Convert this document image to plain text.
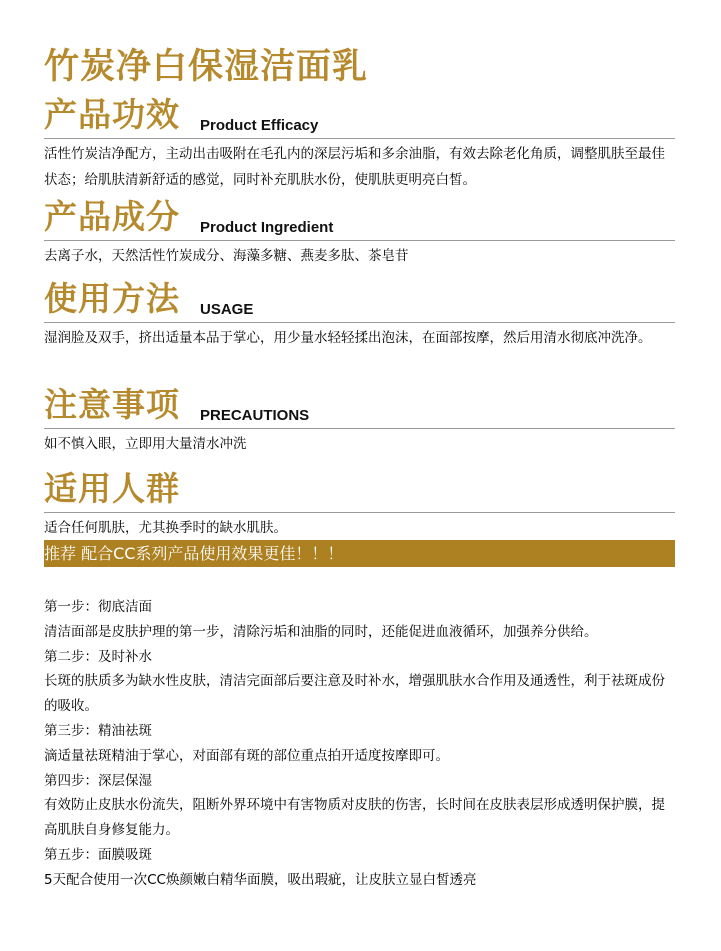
竹炭净白保湿洁面乳
产品功效 Product Efficacy

活性竹炭洁净配方，主动出击吸附在毛孔内的深层污垢和多余油脂，有效去除老化角质，调整肌肤至最佳状态；给肌肤清新舒适的感觉，同时补充肌肤水份，使肌肤更明亮白皙。

产品成分 Product Ingredient

去离子水，天然活性竹炭成分、海藻多糖、燕麦多肽、茶皂苷

使用方法 USAGE

湿润脸及双手，挤出适量本品于掌心，用少量水轻轻揉出泡沫，在面部按摩，然后用清水彻底冲洗净。

注意事项 PRECAUTIONS

如不慎入眼，立即用大量清水冲洗

适用人群

适合任何肌肤，尤其换季时的缺水肌肤。

推荐 配合CC系列产品使用效果更佳！！！

第一步：彻底洁面

清洁面部是皮肤护理的第一步，清除污垢和油脂的同时，还能促进血液循环，加强养分供给。

第二步：及时补水

长斑的肤质多为缺水性皮肤，清洁完面部后要注意及时补水，增强肌肤水合作用及通透性，利于祛斑成份的吸收。

第三步：精油祛斑

滴适量祛斑精油于掌心，对面部有斑的部位重点拍开适度按摩即可。

第四步：深层保湿

有效防止皮肤水份流失，阻断外界环境中有害物质对皮肤的伤害，长时间在皮肤表层形成透明保护膜，提高肌肤自身修复能力。

第五步：面膜吸斑

5天配合使用一次CC焕颜嫩白精华面膜，吸出瑕疵，让皮肤立显白皙透亮
